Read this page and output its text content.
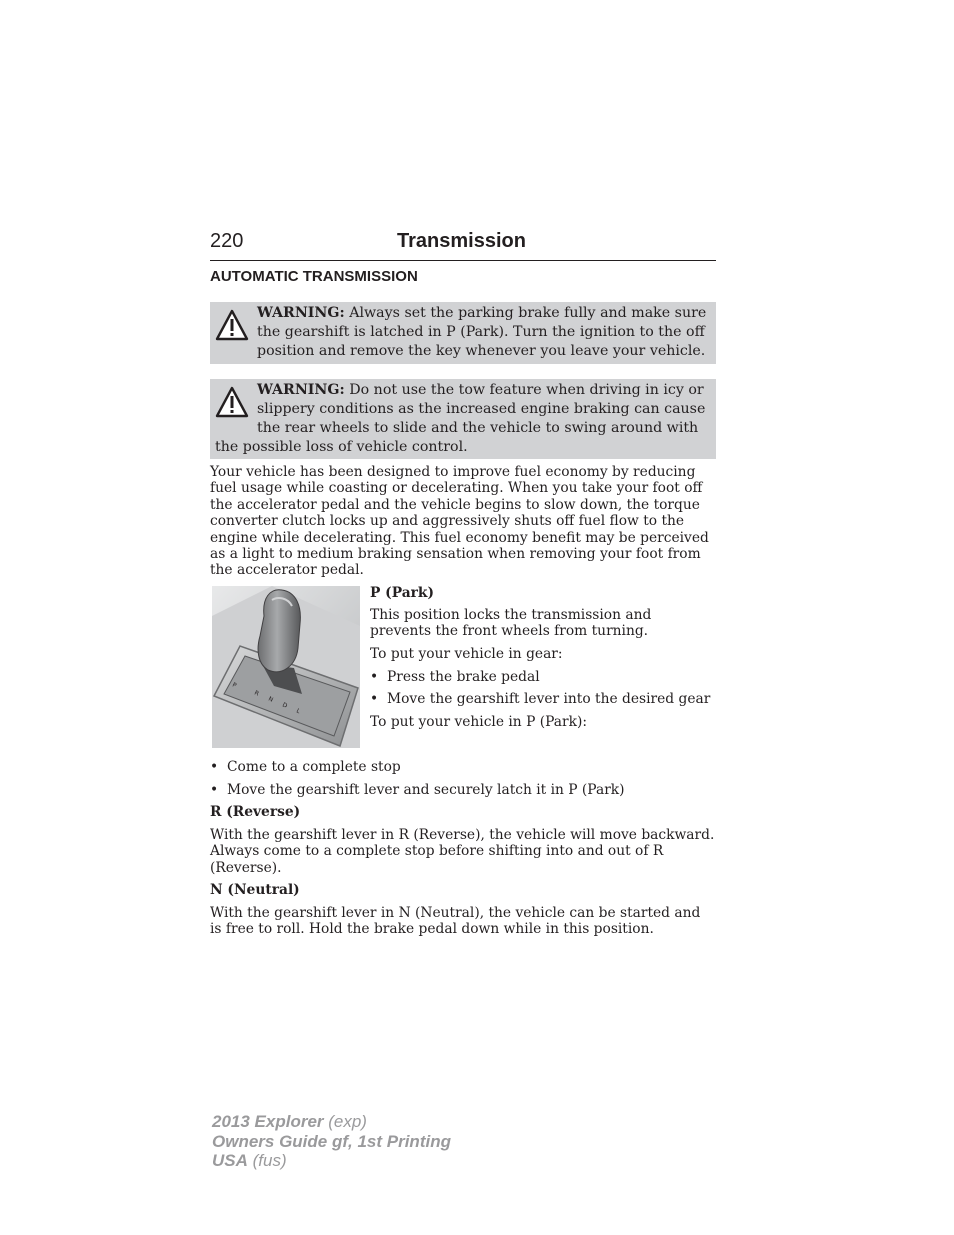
220	Transmission
AUTOMATIC TRANSMISSION
WARNING: Always set the parking brake fully and make sure the gearshift is latched in P (Park). Turn the ignition to the off position and remove the key whenever you leave your vehicle.
WARNING: Do not use the tow feature when driving in icy or slippery conditions as the increased engine braking can cause the rear wheels to slide and the vehicle to swing around with the possible loss of vehicle control.

Your vehicle has been designed to improve fuel economy by reducing fuel usage while coasting or decelerating. When you take your foot off the accelerator pedal and the vehicle begins to slow down, the torque converter clutch locks up and aggressively shuts off fuel flow to the engine while decelerating. This fuel economy benefit may be perceived as a light to medium braking sensation when removing your foot from the accelerator pedal.

P
R
N
D
L
P (Park)
This position locks the transmission and prevents the front wheels from turning.
To put your vehicle in gear:
• Press the brake pedal
• Move the gearshift lever into the desired gear
To put your vehicle in P (Park):
• Come to a complete stop
• Move the gearshift lever and securely latch it in P (Park)
R (Reverse)

With the gearshift lever in R (Reverse), the vehicle will move backward. Always come to a complete stop before shifting into and out of R (Reverse).

N (Neutral)

With the gearshift lever in N (Neutral), the vehicle can be started and is free to roll. Hold the brake pedal down while in this position.

2013 Explorer (exp)
Owners Guide gf, 1st Printing
USA (fus)
